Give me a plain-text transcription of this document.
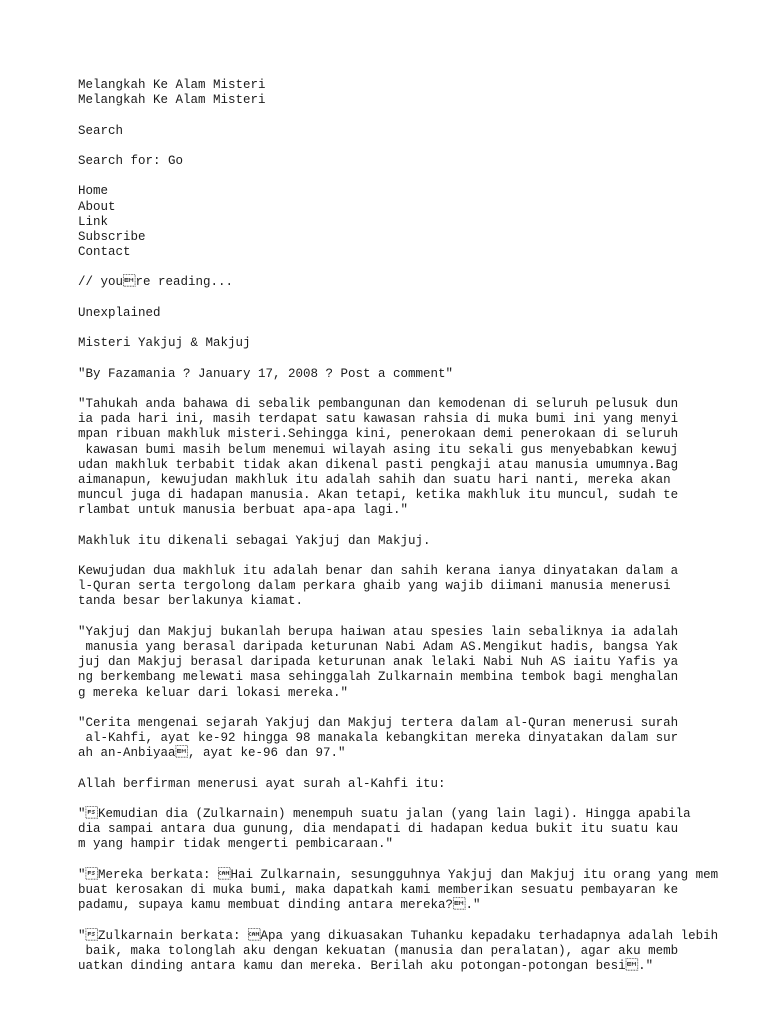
Melangkah Ke Alam Misteri
Melangkah Ke Alam Misteri
Search
Search for: Go
Home
About
Link
Subscribe
Contact
// youre reading...
Unexplained
Misteri Yakjuj & Makjuj
"By Fazamania ? January 17, 2008 ? Post a comment"
"Tahukah anda bahawa di sebalik pembangunan dan kemodenan di seluruh pelusuk dun
ia pada hari ini, masih terdapat satu kawasan rahsia di muka bumi ini yang menyi
mpan ribuan makhluk misteri.Sehingga kini, penerokaan demi penerokaan di seluruh
kawasan bumi masih belum menemui wilayah asing itu sekali gus menyebabkan kewuj
udan makhluk terbabit tidak akan dikenal pasti pengkaji atau manusia umumnya.Bag
aimanapun, kewujudan makhluk itu adalah sahih dan suatu hari nanti, mereka akan
muncul juga di hadapan manusia. Akan tetapi, ketika makhluk itu muncul, sudah te
rlambat untuk manusia berbuat apa-apa lagi."
Makhluk itu dikenali sebagai Yakjuj dan Makjuj.
Kewujudan dua makhluk itu adalah benar dan sahih kerana ianya dinyatakan dalam a
l-Quran serta tergolong dalam perkara ghaib yang wajib diimani manusia menerusi
tanda besar berlakunya kiamat.
"Yakjuj dan Makjuj bukanlah berupa haiwan atau spesies lain sebaliknya ia adalah
manusia yang berasal daripada keturunan Nabi Adam AS.Mengikut hadis, bangsa Yak
juj dan Makjuj berasal daripada keturunan anak lelaki Nabi Nuh AS iaitu Yafis ya
ng berkembang melewati masa sehinggalah Zulkarnain membina tembok bagi menghalan
g mereka keluar dari lokasi mereka."
"Cerita mengenai sejarah Yakjuj dan Makjuj tertera dalam al-Quran menerusi surah
al-Kahfi, ayat ke-92 hingga 98 manakala kebangkitan mereka dinyatakan dalam sur
ah an-Anbiyaa, ayat ke-96 dan 97."
Allah berfirman menerusi ayat surah al-Kahfi itu:
"Kemudian dia (Zulkarnain) menempuh suatu jalan (yang lain lagi). Hingga apabila
dia sampai antara dua gunung, dia mendapati di hadapan kedua bukit itu suatu kau
m yang hampir tidak mengerti pembicaraan."
"Mereka berkata: Hai Zulkarnain, sesungguhnya Yakjuj dan Makjuj itu orang yang mem
buat kerosakan di muka bumi, maka dapatkah kami memberikan sesuatu pembayaran ke
padamu, supaya kamu membuat dinding antara mereka?."
"Zulkarnain berkata: Apa yang dikuasakan Tuhanku kepadaku terhadapnya adalah lebih
baik, maka tolonglah aku dengan kekuatan (manusia dan peralatan), agar aku memb
uatkan dinding antara kamu dan mereka. Berilah aku potongan-potongan besi."
